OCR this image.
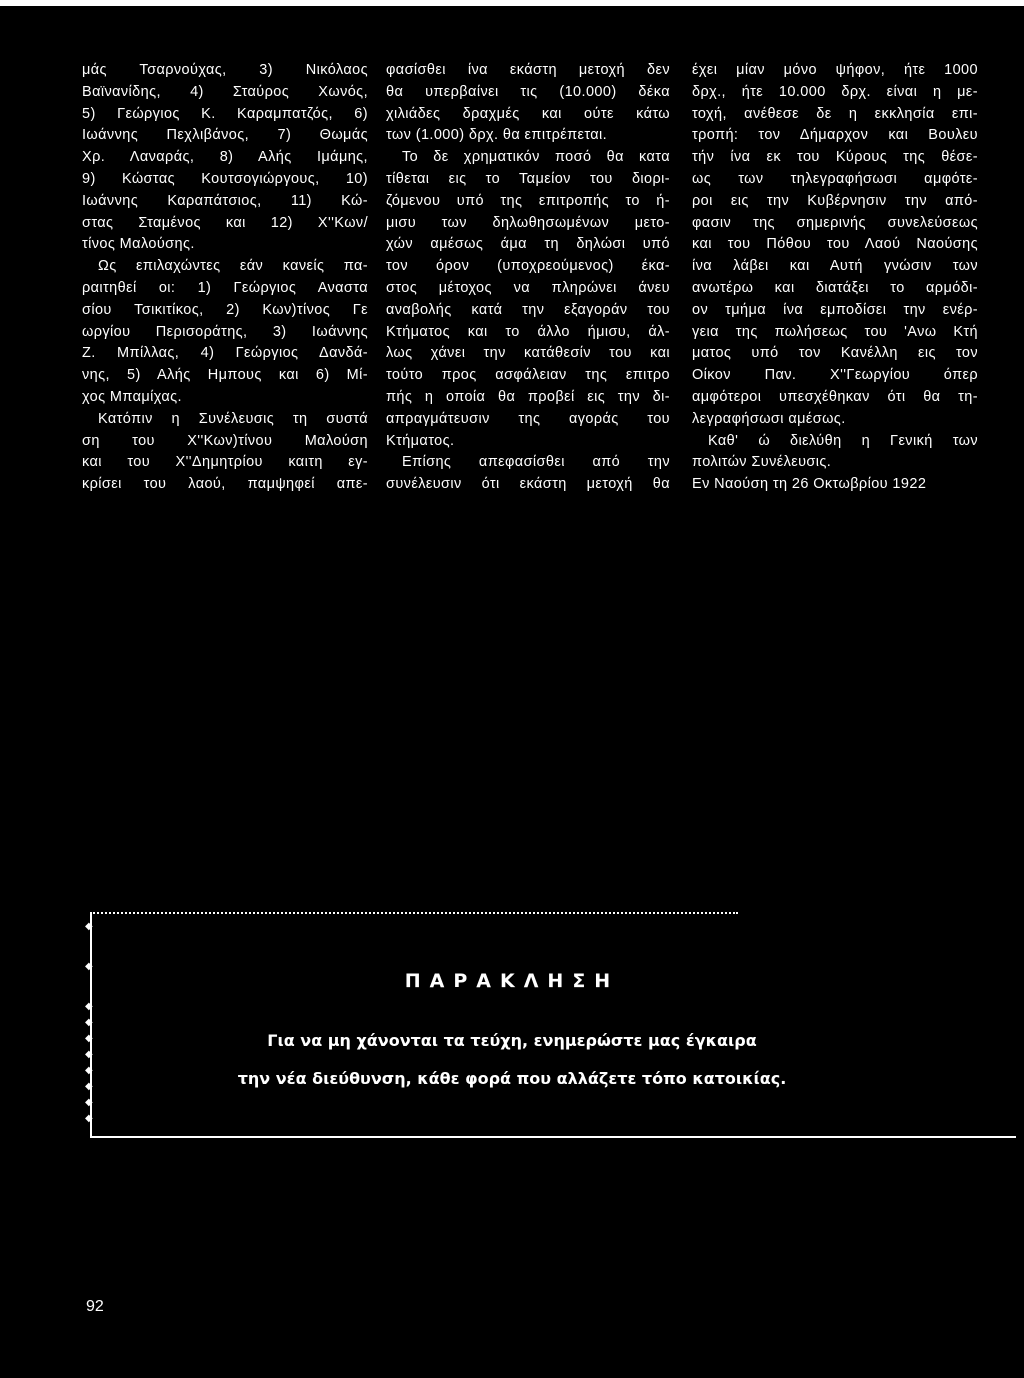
μάς Τσαρνούχας, 3) Νικόλαος
Βαϊνανίδης, 4) Σταύρος Χωνός,
5) Γεώργιος Κ. Καραμπατζός, 6)
Ιωάννης Πεχλιβάνος, 7) Θωμάς
Χρ. Λαναράς, 8) Αλής Ιμάμης,
9) Κώστας Κουτσογιώργους, 10)
Ιωάννης Καραπάτσιος, 11) Κώ-
στας Σταμένος και 12) Χ''Κων/
τίνος Μαλούσης.
Ως επιλαχώντες εάν κανείς πα-
ραιτηθεί οι: 1) Γεώργιος Αναστα
σίου Τσικιτίκος, 2) Κων)τίνος Γε
ωργίου Περισοράτης, 3) Ιωάννης
Ζ. Μπίλλας, 4) Γεώργιος Δανδά-
νης, 5) Αλής Ημπους και 6) Μί-
χος Μπαμίχας.
Κατόπιν η Συνέλευσις τη συστά
ση του Χ''Κων)τίνου Μαλούση
και του Χ''Δημητρίου καιτη εγ-
κρίσει του λαού, παμψηφεί απε-
φασίσθει ίνα εκάστη μετοχή δεν
θα υπερβαίνει τις (10.000) δέκα
χιλιάδες δραχμές και ούτε κάτω
των (1.000) δρχ. θα επιτρέπεται.
Το δε χρηματικόν ποσό θα κατα
τίθεται εις το Ταμείον του διορι-
ζόμενου υπό της επιτροπής το ή-
μισυ των δηλωθησωμένων μετο-
χών αμέσως άμα τη δηλώσι υπό
τον όρον (υποχρεούμενος) έκα-
στος μέτοχος να πληρώνει άνευ
αναβολής κατά την εξαγοράν του
Κτήματος και το άλλο ήμισυ, άλ-
λως χάνει την κατάθεσίν του και
τούτο προς ασφάλειαν της επιτρο
πής η οποία θα προβεί εις την δι-
απραγμάτευσιν της αγοράς του
Κτήματος.
Επίσης απεφασίσθει από την
συνέλευσιν ότι εκάστη μετοχή θα
έχει μίαν μόνο ψήφον, ήτε 1000
δρχ., ήτε 10.000 δρχ. είναι η με-
τοχή, ανέθεσε δε η εκκλησία επι-
τροπή: τον Δήμαρχον και Βουλευ
τήν ίνα εκ του Κύρους της θέσε-
ως των τηλεγραφήσωσι αμφότε-
ροι εις την Κυβέρνησιν την από-
φασιν της σημερινής συνελεύσεως
και του Πόθου του Λαού Ναούσης
ίνα λάβει και Αυτή γνώσιν των
ανωτέρω και διατάξει το αρμόδι-
ον τμήμα ίνα εμποδίσει την ενέρ-
γεια της πωλήσεως του 'Ανω Κτή
ματος υπό τον Κανέλλη εις τον
Οίκον Παν. Χ''Γεωργίου όπερ
αμφότεροι υπεσχέθηκαν ότι θα τη-
λεγραφήσωσι αμέσως.
Καθ' ώ διελύθη η Γενική των
πολιτών Συνέλευσις.
Εν Ναούση τη 26 Οκτωβρίου 1922
◆
◆
◆
◆
◆
◆
◆
◆
◆
◆
ΠΑΡΑΚΛΗΣΗ
Για να μη χάνονται τα τεύχη, ενημερώστε μας έγκαιρα
την νέα διεύθυνση, κάθε φορά που αλλάζετε τόπο κατοικίας.
92
